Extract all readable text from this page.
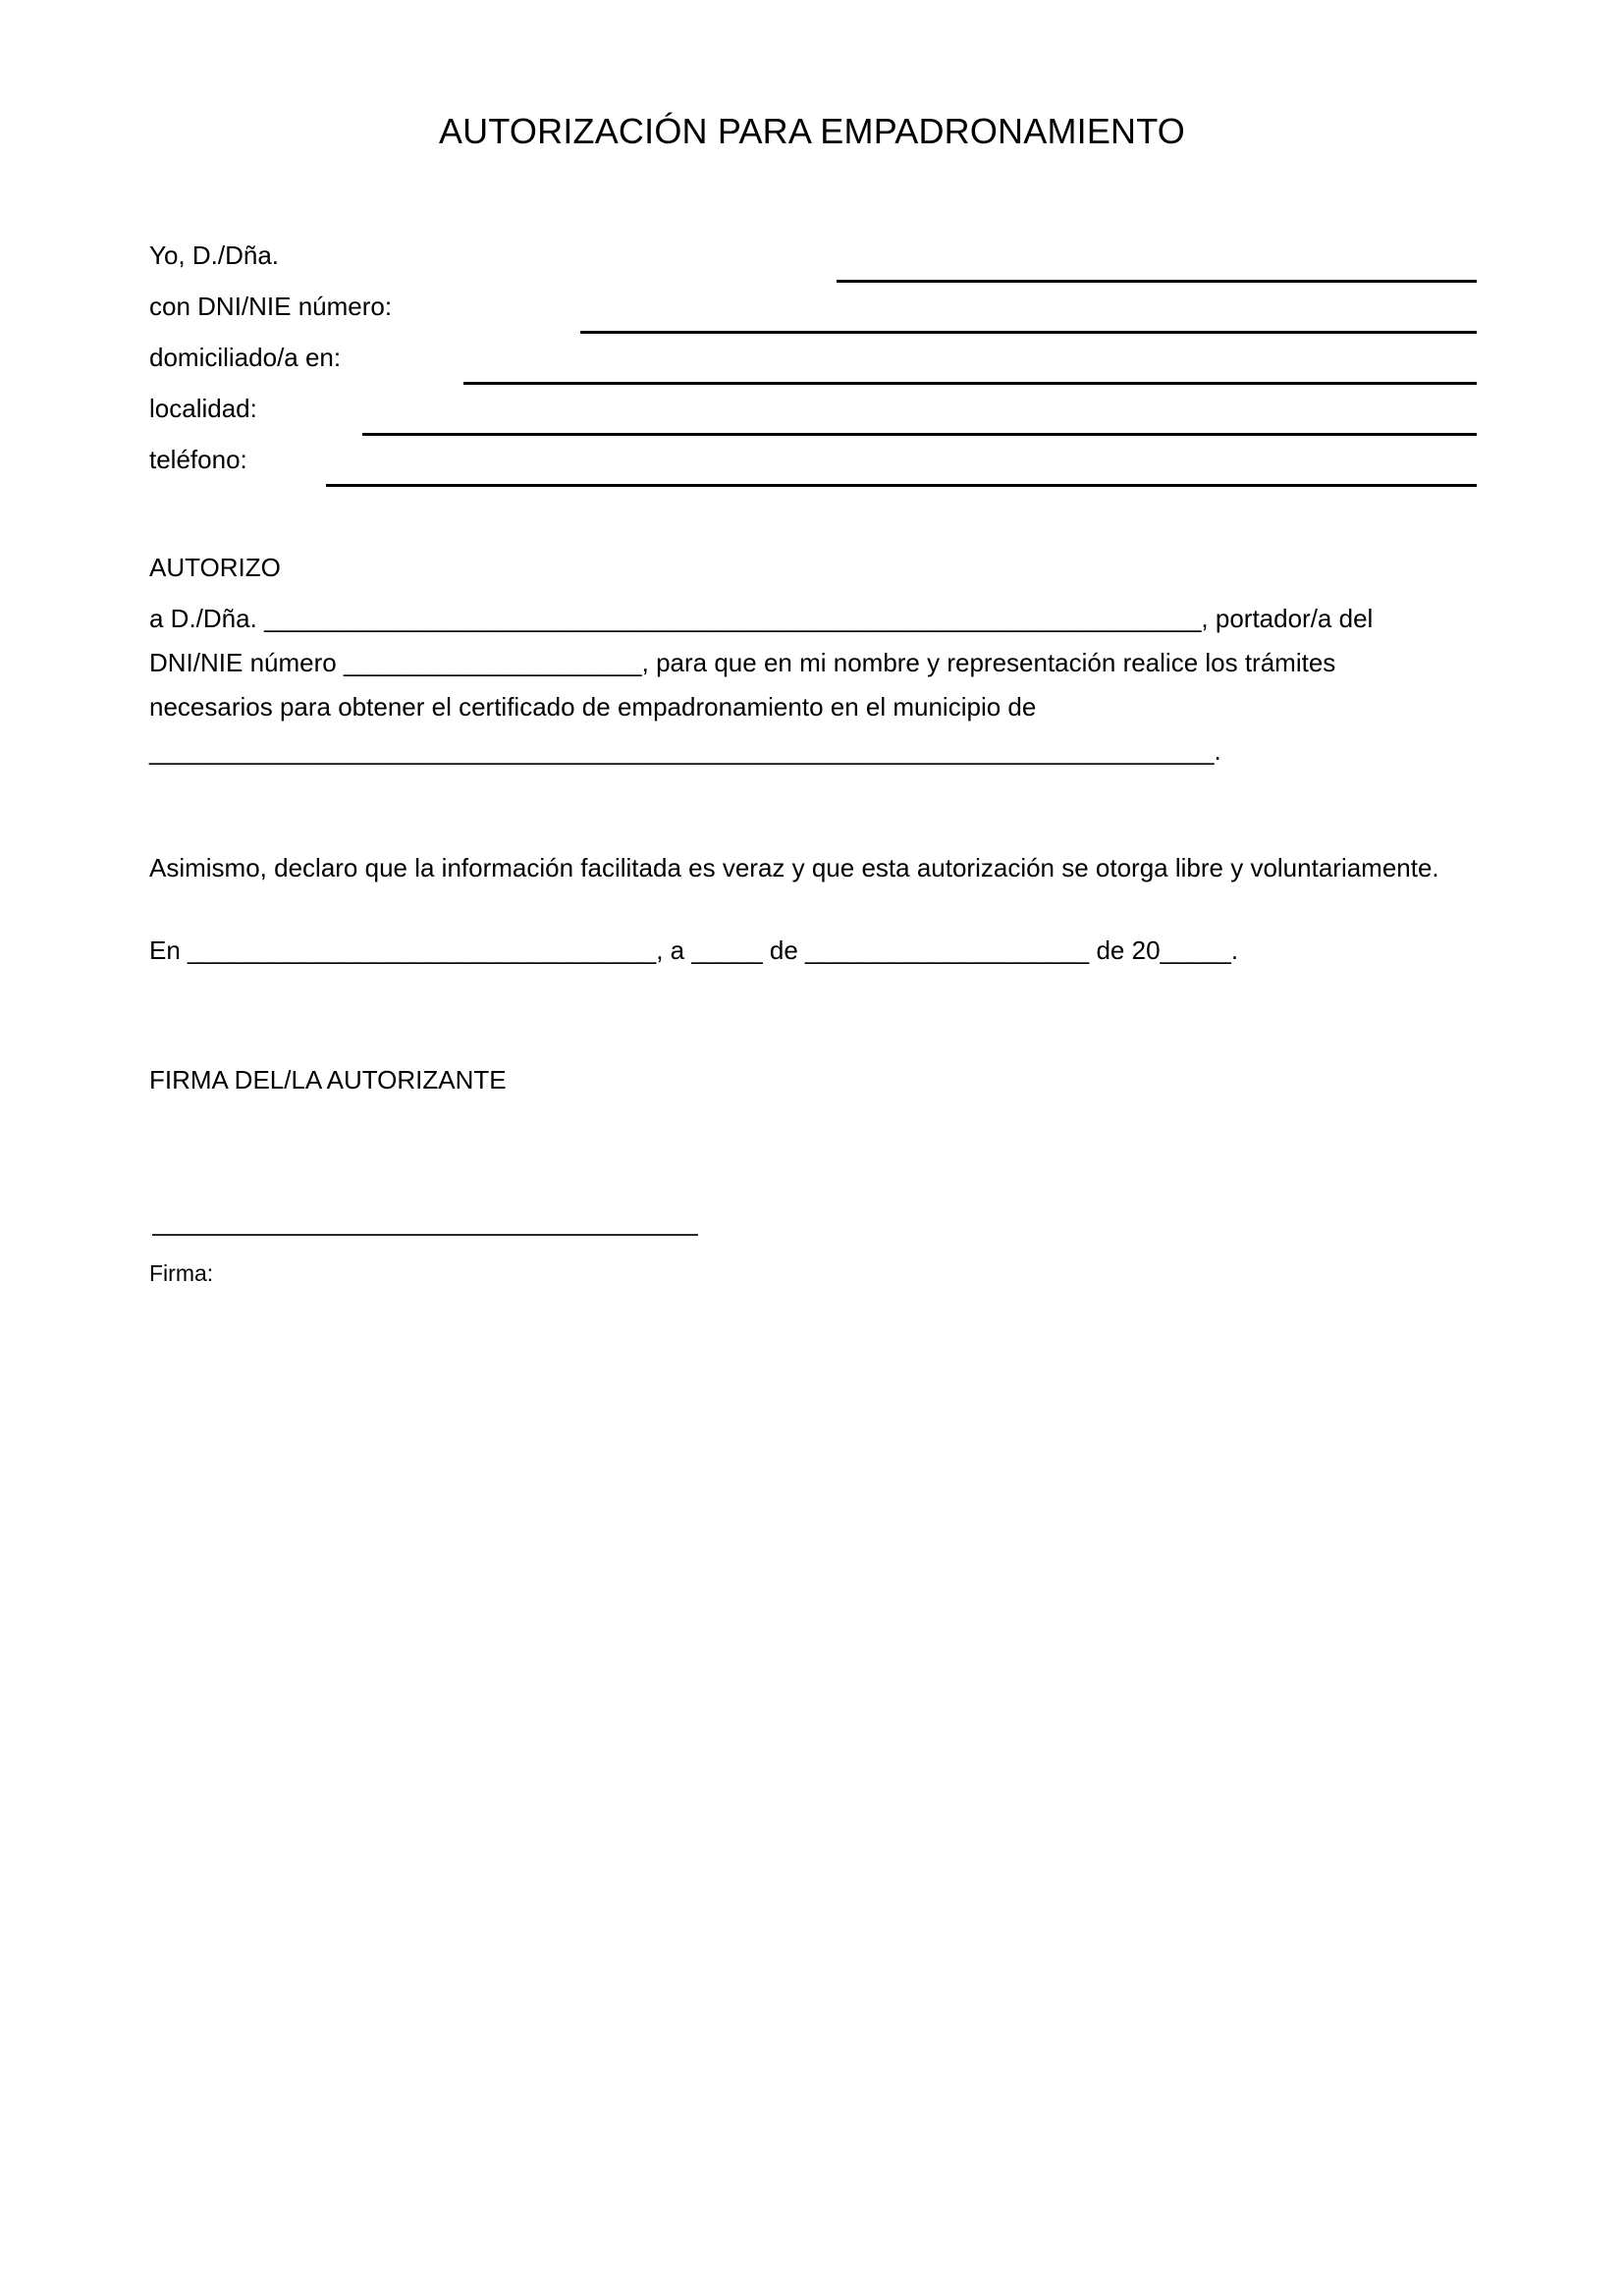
AUTORIZACIÓN PARA EMPADRONAMIENTO
Yo, D./Dña.
con DNI/NIE número:
domiciliado/a en:
localidad:
teléfono:
AUTORIZO
a D./Dña. __________________________________________________________________, portador/a del
DNI/NIE número _____________________, para que en mi nombre y representación realice los trámites
necesarios para obtener el certificado de empadronamiento en el municipio de
___________________________________________________________________________.
Asimismo, declaro que la información facilitada es veraz y que esta autorización se otorga libre y voluntariamente.
En _________________________________, a _____ de ____________________ de 20_____.
FIRMA DEL/LA AUTORIZANTE
Firma:
